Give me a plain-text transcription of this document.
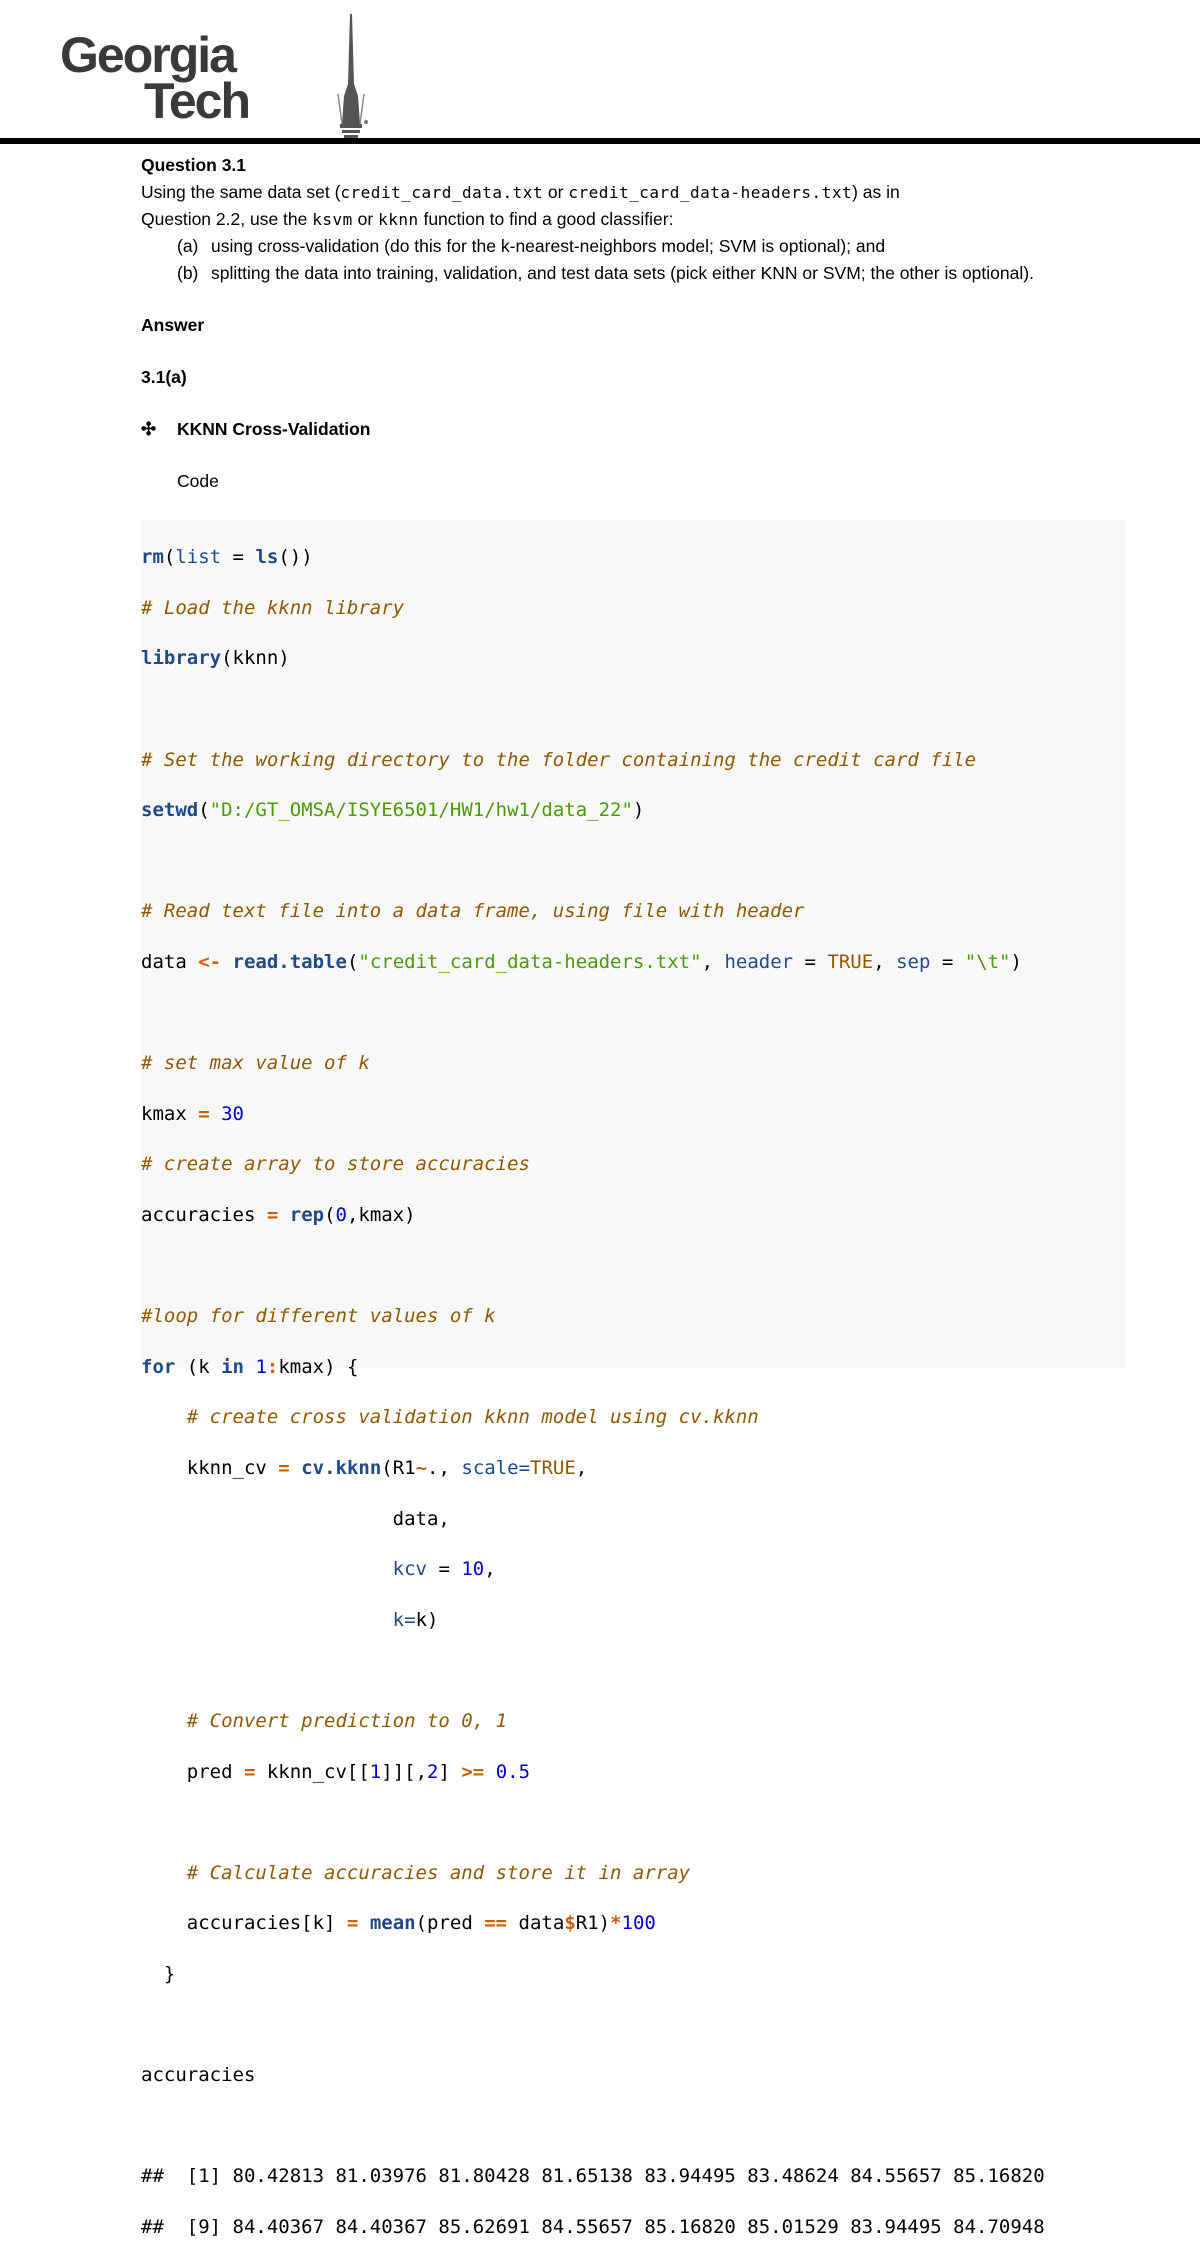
Georgia
Tech

Question 3.1

Using the same data set (credit_card_data.txt or credit_card_data-headers.txt) as in

Question 2.2, use the ksvm or kknn function to find a good classifier:

(a) using cross-validation (do this for the k-nearest-neighbors model; SVM is optional); and
(b) splitting the data into training, validation, and test data sets (pick either KNN or SVM; the other is optional).

Answer

3.1(a)

✣	KKNN Cross-Validation

Code

rm(list = ls())

# Load the kknn library

library(kknn)

# Set the working directory to the folder containing the credit card file

setwd("D:/GT_OMSA/ISYE6501/HW1/hw1/data_22")

# Read text file into a data frame, using file with header

data <- read.table("credit_card_data-headers.txt", header = TRUE, sep = "\t")

# set max value of k

kmax = 30

# create array to store accuracies

accuracies = rep(0,kmax)

#loop for different values of k

for (k in 1:kmax) {

# create cross validation kknn model using cv.kknn

kknn_cv = cv.kknn(R1~., scale=TRUE,

data,

kcv = 10,

k=k)

# Convert prediction to 0, 1

pred = kknn_cv[[1]][,2] >= 0.5

# Calculate accuracies and store it in array

accuracies[k] = mean(pred == data$R1)*100

}

accuracies

##  [1] 80.42813 81.03976 81.80428 81.65138 83.94495 83.48624 84.55657 85.16820

##  [9] 84.40367 84.40367 85.62691 84.55657 85.16820 85.01529 83.94495 84.70948
